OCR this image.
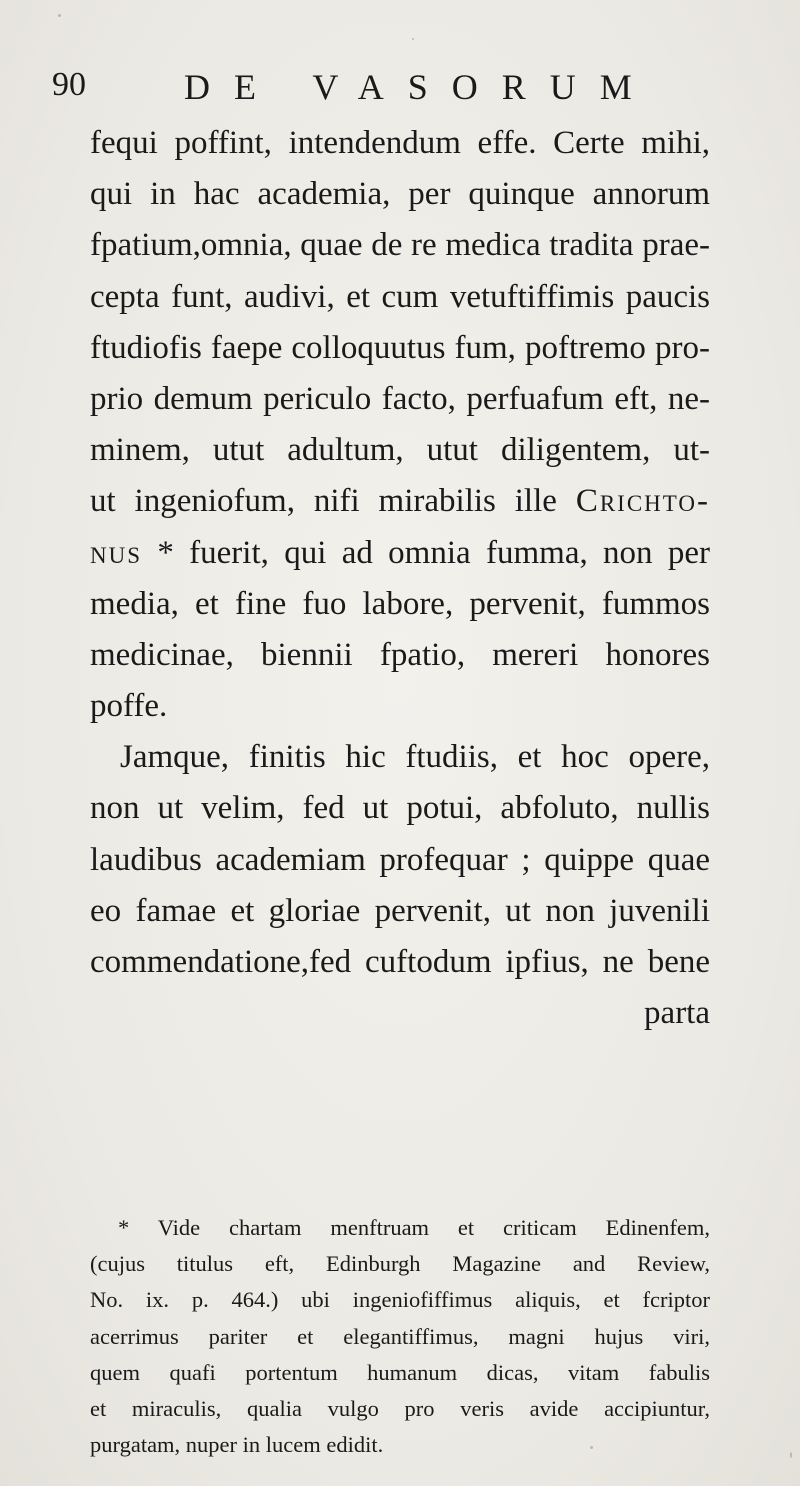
90	DE VASORUM
fequi poffint, intendendum effe. Certe mihi,
qui in hac academia, per quinque annorum
fpatium,omnia, quae de re medica tradita prae-
cepta funt, audivi, et cum vetuftiffimis paucis
ftudiofis faepe colloquutus fum, poftremo pro-
prio demum periculo facto, perfuafum eft, ne-
minem, utut adultum, utut diligentem, ut-
ut ingeniofum, nifi mirabilis ille Crichto-
nus * fuerit, qui ad omnia fumma, non per
media, et fine fuo labore, pervenit, fummos
medicinae, biennii fpatio, mereri honores
poffe.
Jamque, finitis hic ftudiis, et hoc opere,
non ut velim, fed ut potui, abfoluto, nullis
laudibus academiam profequar ; quippe quae
eo famae et gloriae pervenit, ut non juvenili
commendatione,fed cuftodum ipfius, ne bene
parta
* Vide chartam menftruam et criticam Edinenfem,
(cujus titulus eft, Edinburgh Magazine and Review,
No. ix. p. 464.) ubi ingeniofiffimus aliquis, et fcriptor
acerrimus pariter et elegantiffimus, magni hujus viri,
quem quafi portentum humanum dicas, vitam fabulis
et miraculis, qualia vulgo pro veris avide accipiuntur,
purgatam, nuper in lucem edidit.
